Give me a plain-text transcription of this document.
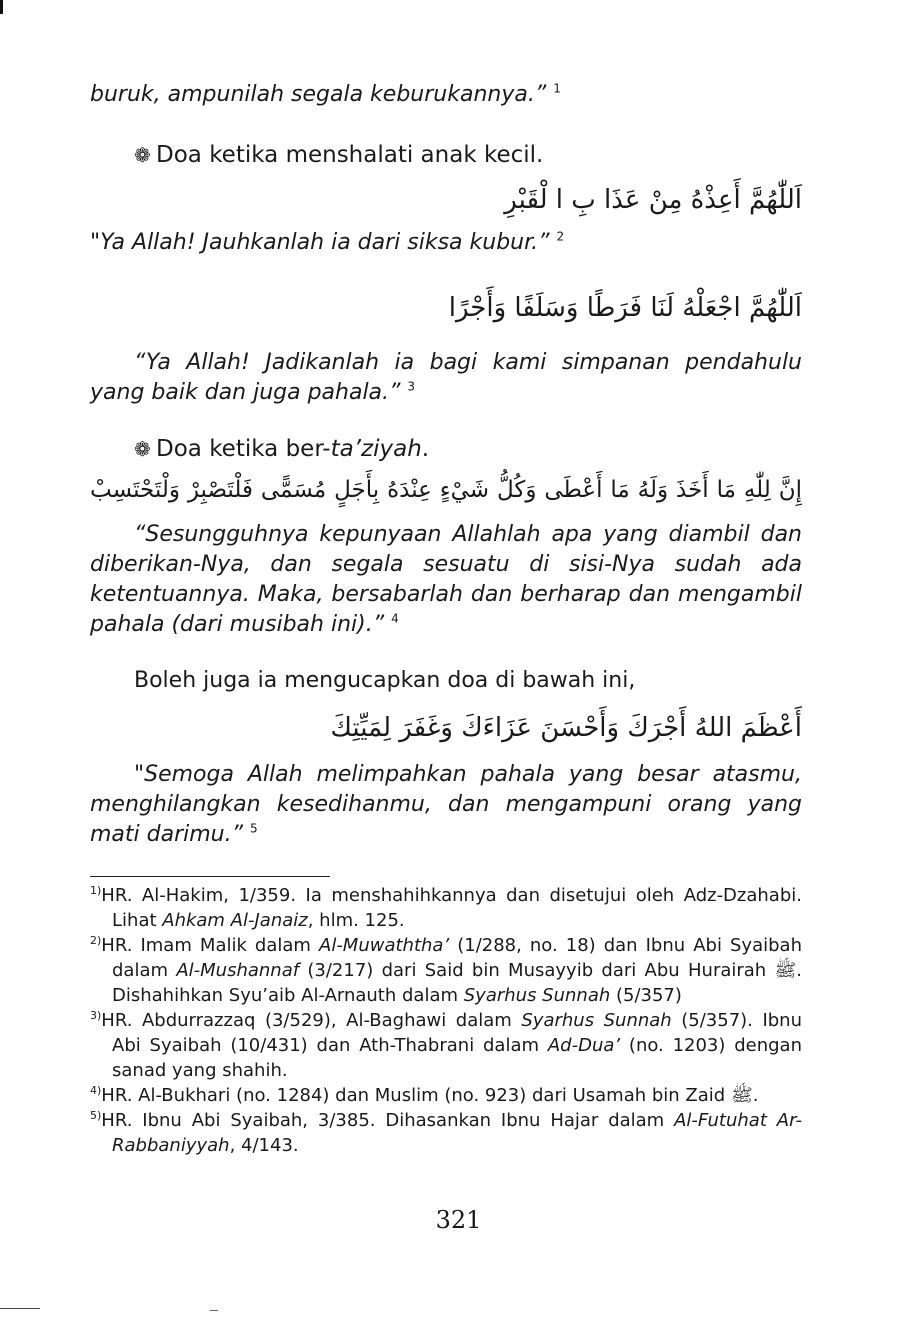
buruk, ampunilah segala keburukannya.” $^1$

❁ Doa ketika menshalati anak kecil.

اَللّٰهُمَّ أَعِذْهُ مِنْ عَذَا بِ ا لْقَبْرِ

"Ya Allah! Jauhkanlah ia dari siksa kubur.” $^2$

اَللّٰهُمَّ اجْعَلْهُ لَنَا فَرَطًا وَسَلَفًا وَأَجْرًا

“Ya Allah! Jadikanlah ia bagi kami simpanan pendahulu yang baik dan juga pahala.” $^3$

❁ Doa ketika ber-ta’ziyah.

إِنَّ لِلّٰهِ مَا أَخَذَ وَلَهُ مَا أَعْطَى وَكُلُّ شَيْءٍ عِنْدَهُ بِأَجَلٍ مُسَمًّى فَلْتَصْبِرْ وَلْتَحْتَسِبْ

“Sesungguhnya kepunyaan Allahlah apa yang diambil dan diberikan-Nya, dan segala sesuatu di sisi-Nya sudah ada ketentuannya. Maka, bersabarlah dan berharap dan mengambil pahala (dari musibah ini).” $^4$

Boleh juga ia mengucapkan doa di bawah ini,

أَعْظَمَ اللهُ أَجْرَكَ وَأَحْسَنَ عَزَاءَكَ وَغَفَرَ لِمَيِّتِكَ

"Semoga Allah melimpahkan pahala yang besar atasmu, menghilangkan kesedihanmu, dan mengampuni orang yang mati darimu.” $^5$

$^{1)}$HR. Al-Hakim, 1/359. Ia menshahihkannya dan disetujui oleh Adz-Dzahabi. Lihat Ahkam Al-Janaiz, hlm. 125.

$^{2)}$HR. Imam Malik dalam Al-Muwaththa’ (1/288, no. 18) dan Ibnu Abi Syaibah dalam Al-Mushannaf (3/217) dari Said bin Musayyib dari Abu Hurairah ﷺ. Dishahihkan Syu’aib Al-Arnauth dalam Syarhus Sunnah (5/357)

$^{3)}$HR. Abdurrazzaq (3/529), Al-Baghawi dalam Syarhus Sunnah (5/357). Ibnu Abi Syaibah (10/431) dan Ath-Thabrani dalam Ad-Dua’ (no. 1203) dengan sanad yang shahih.

$^{4)}$HR. Al-Bukhari (no. 1284) dan Muslim (no. 923) dari Usamah bin Zaid ﷺ.

$^{5)}$HR. Ibnu Abi Syaibah, 3/385. Dihasankan Ibnu Hajar dalam Al-Futuhat Ar-Rabbaniyyah, 4/143.

321
